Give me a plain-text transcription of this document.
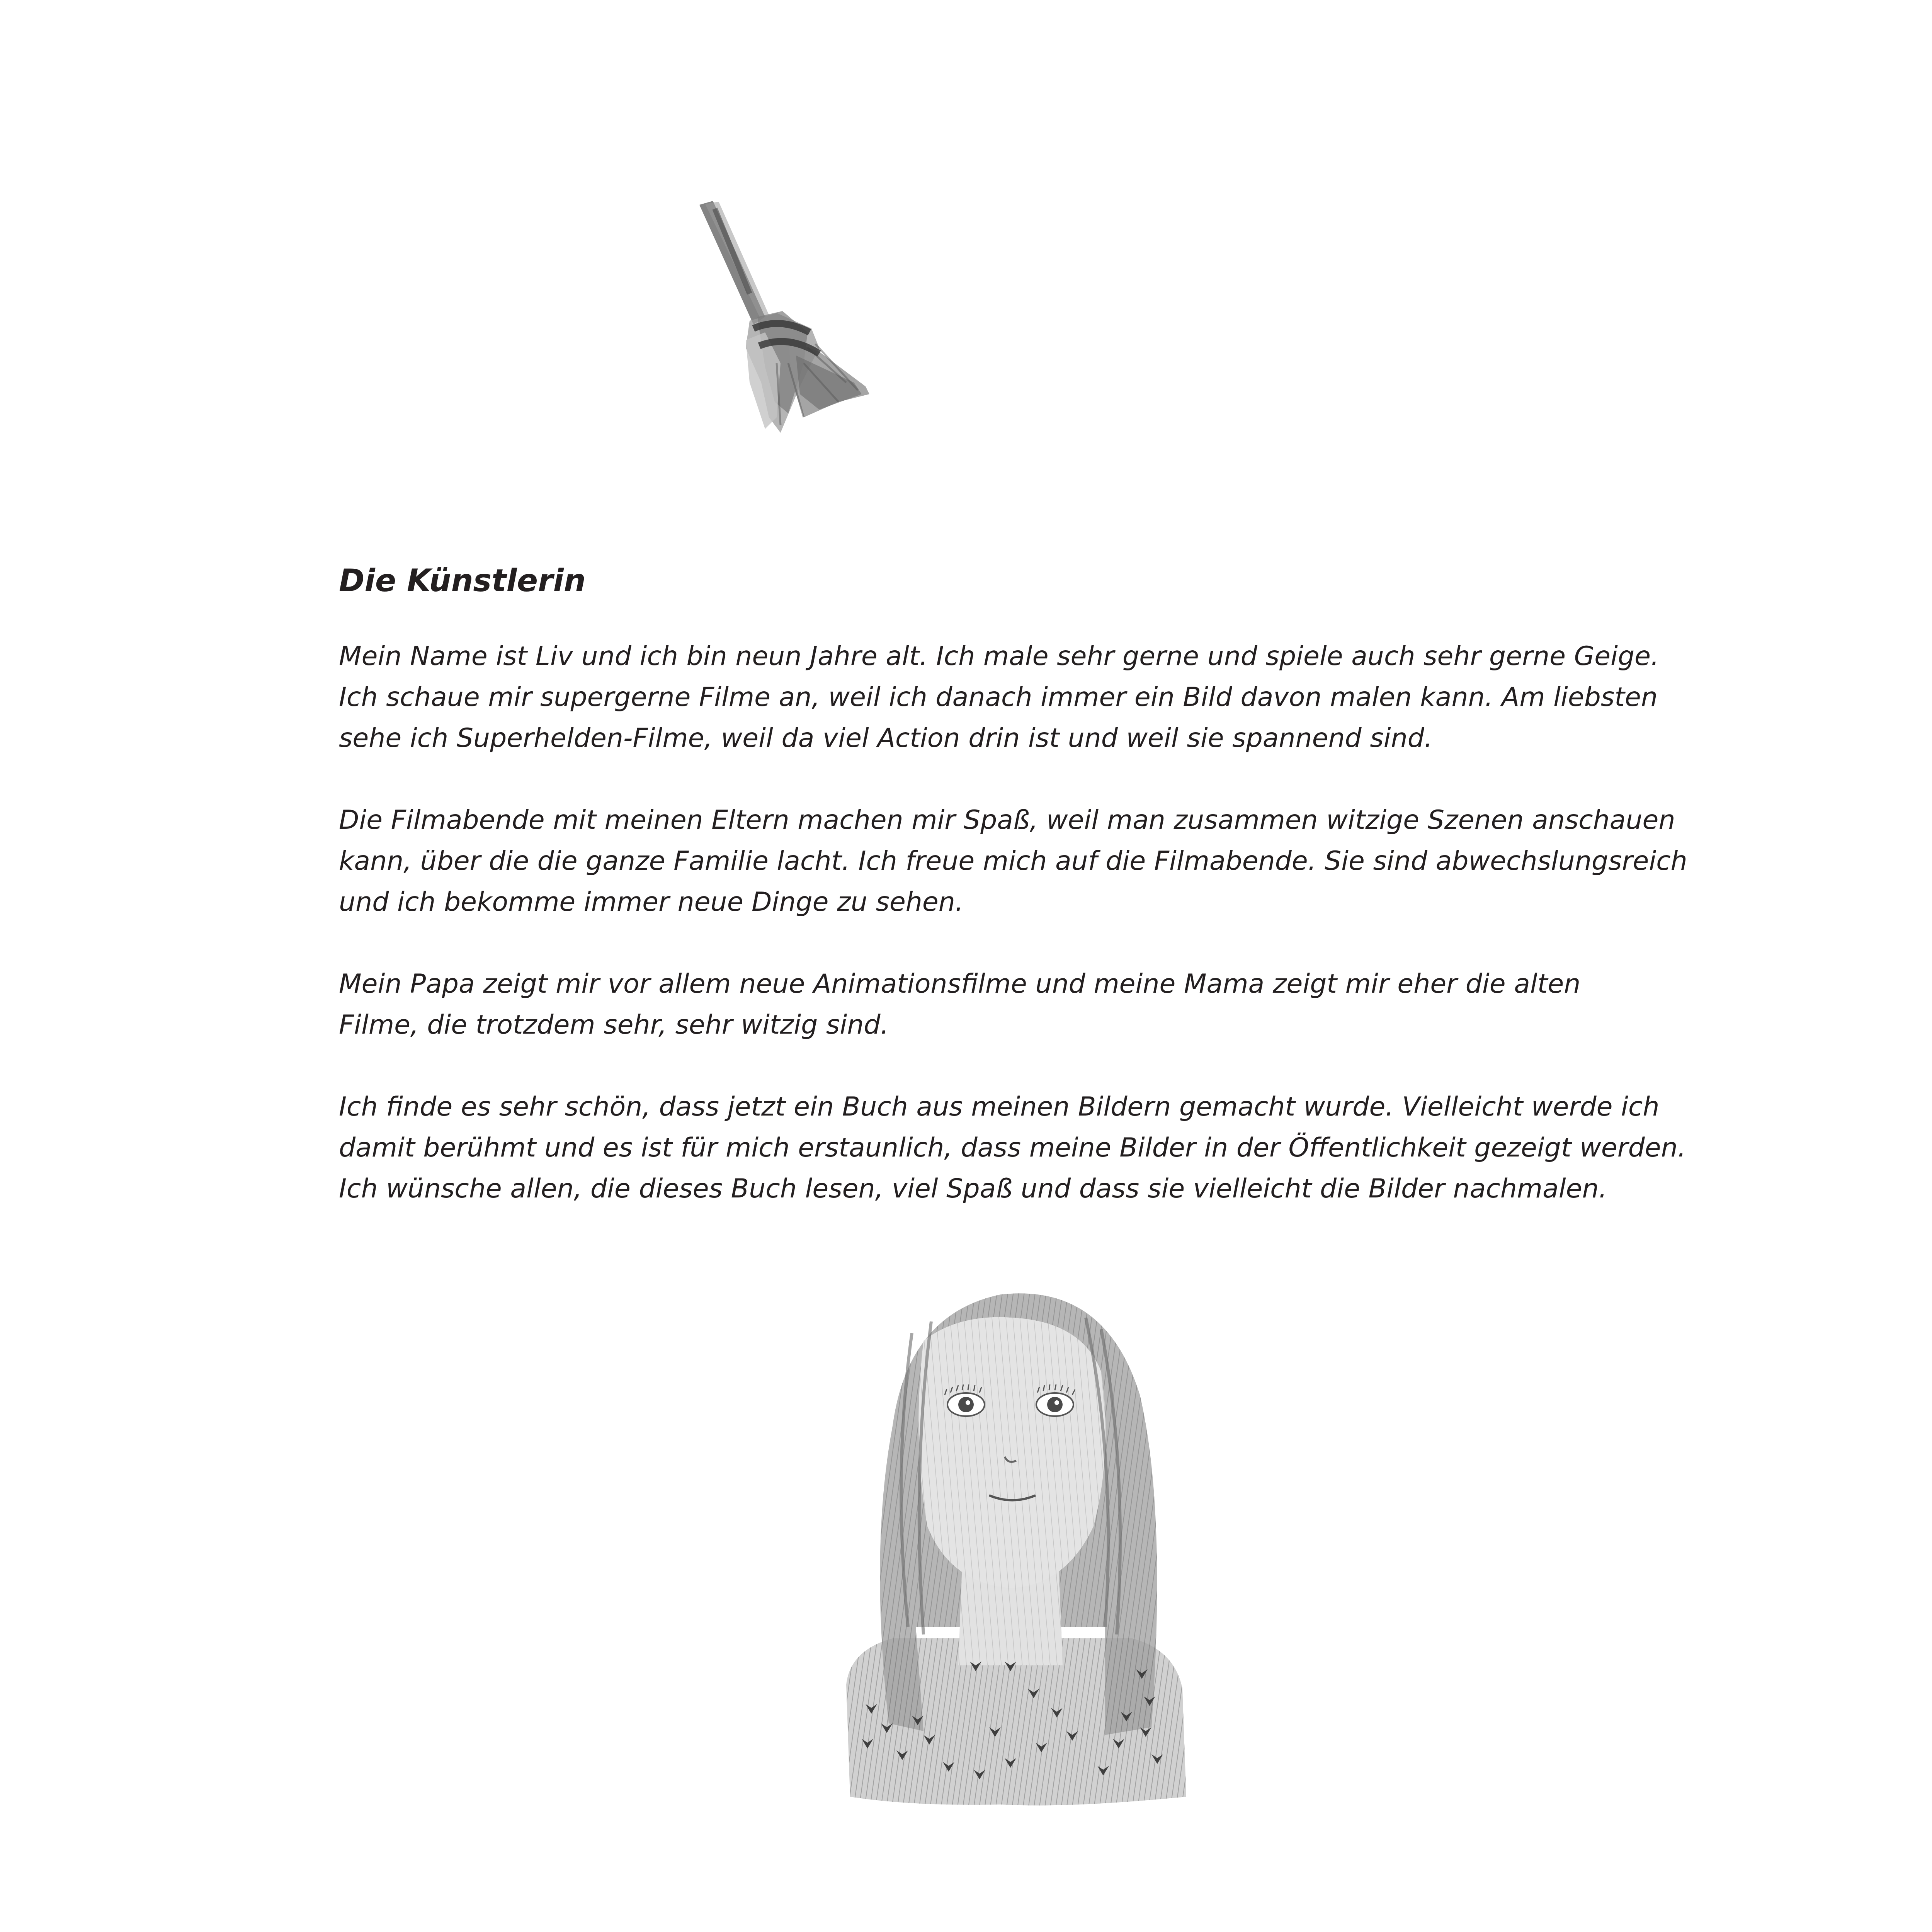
Die Künstlerin
Mein Name ist Liv und ich bin neun Jahre alt. Ich male sehr gerne und spiele auch sehr gerne Geige.
Ich schaue mir supergerne Filme an, weil ich danach immer ein Bild davon malen kann. Am liebsten
sehe ich Superhelden-Filme, weil da viel Action drin ist und weil sie spannend sind.
Die Filmabende mit meinen Eltern machen mir Spaß, weil man zusammen witzige Szenen anschauen
kann, über die die ganze Familie lacht. Ich freue mich auf die Filmabende. Sie sind abwechslungsreich
und ich bekomme immer neue Dinge zu sehen.
Mein Papa zeigt mir vor allem neue Animationsfilme und meine Mama zeigt mir eher die alten
Filme, die trotzdem sehr, sehr witzig sind.
Ich finde es sehr schön, dass jetzt ein Buch aus meinen Bildern gemacht wurde. Vielleicht werde ich
damit berühmt und es ist für mich erstaunlich, dass meine Bilder in der Öffentlichkeit gezeigt werden.
Ich wünsche allen, die dieses Buch lesen, viel Spaß und dass sie vielleicht die Bilder nachmalen.
